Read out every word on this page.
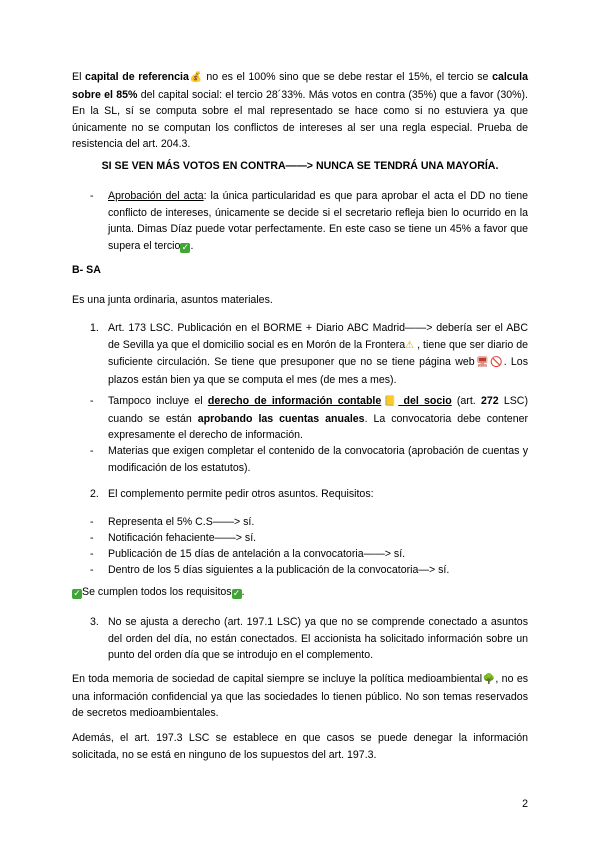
El capital de referencia💰 no es el 100% sino que se debe restar el 15%, el tercio se calcula sobre el 85% del capital social: el tercio 28´33%. Más votos en contra (35%) que a favor (30%). En la SL, sí se computa sobre el mal representado se hace como si no estuviera ya que únicamente no se computan los conflictos de intereses al ser una regla especial. Prueba de resistencia del art. 204.3.

SI SE VEN MÁS VOTOS EN CONTRA——> NUNCA SE TENDRÁ UNA MAYORÍA.

-	Aprobación del acta: la única particularidad es que para aprobar el acta el DD no tiene conflicto de intereses, únicamente se decide si el secretario refleja bien lo ocurrido en la junta. Dimas Díaz puede votar perfectamente. En este caso se tiene un 45% a favor que supera el tercio✓.

B- SA

Es una junta ordinaria, asuntos materiales.

1. Art. 173 LSC. Publicación en el BORME + Diario ABC Madrid——> debería ser el ABC de Sevilla ya que el domicilio social es en Morón de la Frontera⚠ , tiene que ser diario de suficiente circulación. Se tiene que presuponer que no se tiene página web🖥🚫. Los plazos están bien ya que se computa el mes (de mes a mes).

-	Tampoco incluye el derecho de información contable📒 del socio (art. 272 LSC) cuando se están aprobando las cuentas anuales. La convocatoria debe contener expresamente el derecho de información.

-	Materias que exigen completar el contenido de la convocatoria (aprobación de cuentas y modificación de los estatutos).

2. El complemento permite pedir otros asuntos. Requisitos:

-	Representa el 5% C.S——> sí.

-	Notificación fehaciente——> sí.

-	Publicación de 15 días de antelación a la convocatoria——> sí.

-	Dentro de los 5 días siguientes a la publicación de la convocatoria—> sí.

✓Se cumplen todos los requisitos✓.

3. No se ajusta a derecho (art. 197.1 LSC) ya que no se comprende conectado a asuntos del orden del día, no están conectados. El accionista ha solicitado información sobre un punto del orden día que se introdujo en el complemento.

En toda memoria de sociedad de capital siempre se incluye la política medioambiental🌳, no es una información confidencial ya que las sociedades lo tienen público. No son temas reservados de secretos medioambientales.

Además, el art. 197.3 LSC se establece en que casos se puede denegar la información solicitada, no se está en ninguno de los supuestos del art. 197.3.

2
